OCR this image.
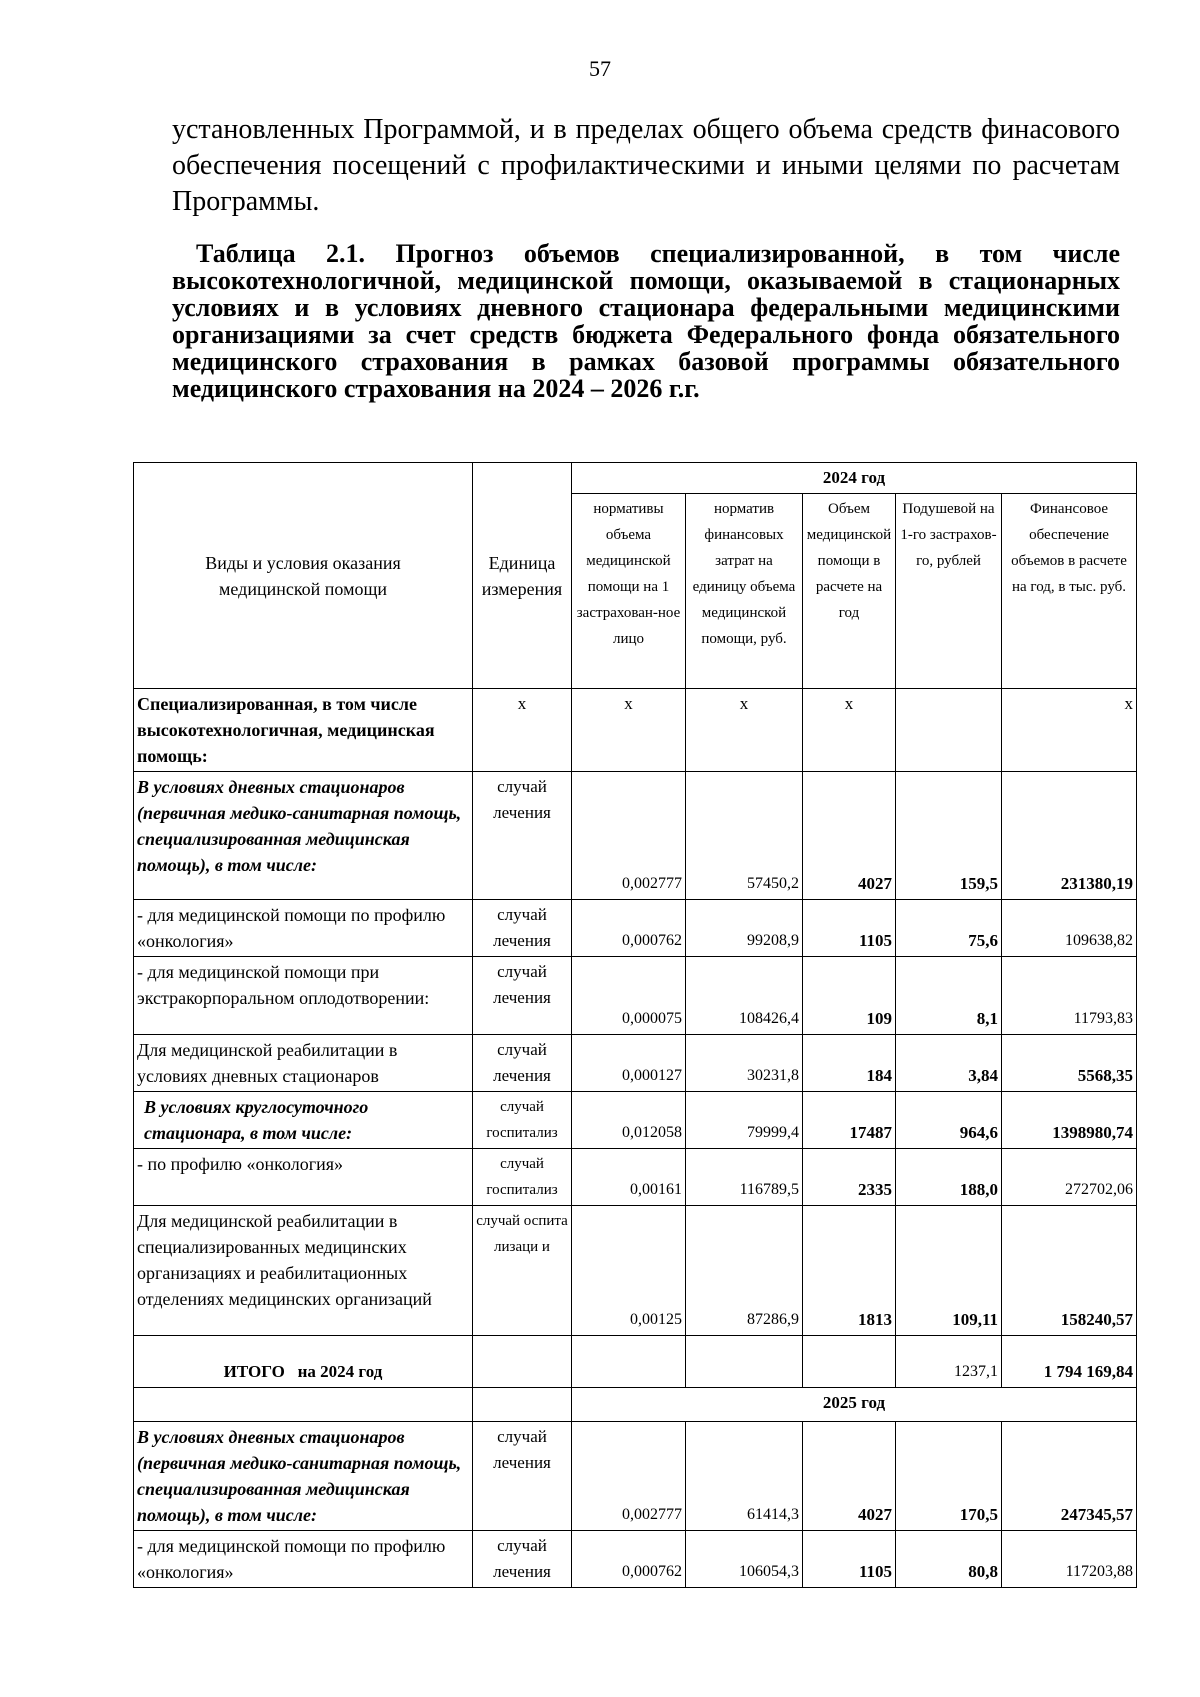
57
установленных Программой, и в пределах общего объема средств финасового обеспечения посещений с профилактическими и иными целями по расчетам Программы.
Таблица 2.1. Прогноз объемов специализированной, в том числе высокотехнологичной, медицинской помощи, оказываемой в стационарных условиях и в условиях дневного стационара федеральными медицинскими организациями за счет средств бюджета Федерального фонда обязательного медицинского страхования в рамках базовой программы обязательного медицинского страхования на 2024 – 2026 г.г.
Виды и условия оказания медицинской помощи	Единица измерения	2024 год				
		нормативы объема медицинской помощи на 1 застрахован-ное лицо	норматив финансовых затрат на единицу объема медицинской помощи, руб.	Объем медицинской помощи в расчете на год	Подушевой на 1-го застрахов-го, рублей	Финансовое обеспечение объемов в расчете на год, в тыс. руб.
Специализированная, в том числе высокотехнологичная, медицинская помощь:	х	х	х	х		х
В условиях дневных стационаров (первичная медико-санитарная помощь, специализированная медицинская помощь), в том числе:	случай лечения	0,002777	57450,2	4027	159,5	231380,19
- для медицинской помощи по профилю «онкология»	случай лечения	0,000762	99208,9	1105	75,6	109638,82
- для медицинской помощи при экстракорпоральном оплодотворении:	случай лечения	0,000075	108426,4	109	8,1	11793,83
Для медицинской реабилитации в условиях дневных стационаров	случай лечения	0,000127	30231,8	184	3,84	5568,35
В условиях круглосуточного стационара, в том числе:	случай госпитализ	0,012058	79999,4	17487	964,6	1398980,74
- по профилю «онкология»	случай госпитализ	0,00161	116789,5	2335	188,0	272702,06
Для медицинской реабилитации в специализированных медицинских организациях и реабилитационных отделениях медицинских организаций	случай оспитализаци и	0,00125	87286,9	1813	109,11	158240,57
ИТОГО   на 2024 год					1237,1	1 794 169,84
		2025 год				
В условиях дневных стационаров (первичная медико-санитарная помощь, специализированная медицинская помощь), в том числе:	случай лечения	0,002777	61414,3	4027	170,5	247345,57
- для медицинской помощи по профилю «онкология»	случай лечения	0,000762	106054,3	1105	80,8	117203,88
